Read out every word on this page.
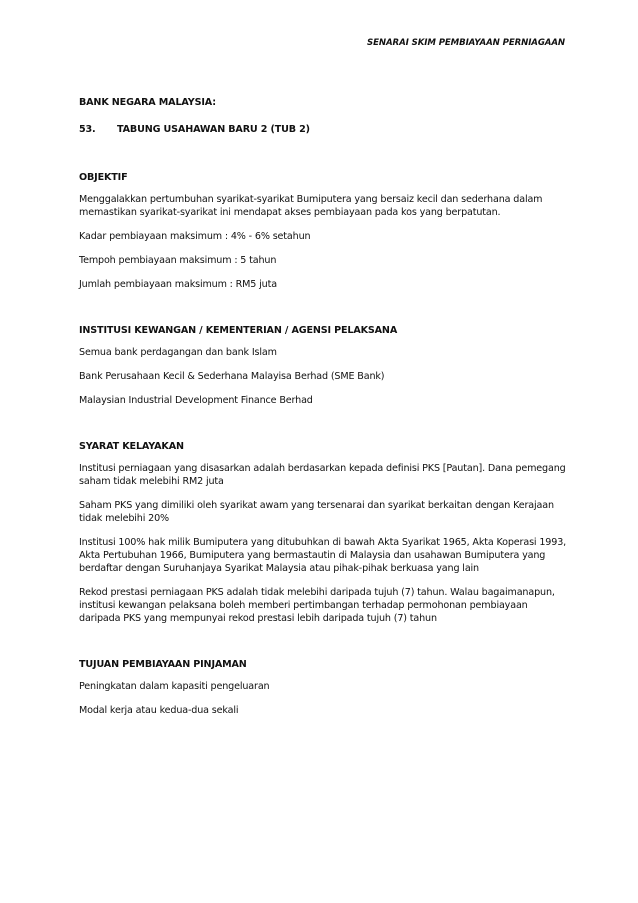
SENARAI SKIM PEMBIAYAAN PERNIAGAAN

BANK NEGARA MALAYSIA:

53.	TABUNG USAHAWAN BARU 2 (TUB 2)

OBJEKTIF

Menggalakkan pertumbuhan syarikat-syarikat Bumiputera yang bersaiz kecil dan sederhana dalam memastikan syarikat-syarikat ini mendapat akses pembiayaan pada kos yang berpatutan.

Kadar pembiayaan maksimum : 4% - 6% setahun

Tempoh pembiayaan maksimum : 5 tahun

Jumlah pembiayaan maksimum : RM5 juta

INSTITUSI KEWANGAN / KEMENTERIAN / AGENSI PELAKSANA

Semua bank perdagangan dan bank Islam

Bank Perusahaan Kecil & Sederhana Malayisa Berhad (SME Bank)

Malaysian Industrial Development Finance Berhad

SYARAT KELAYAKAN

Institusi perniagaan yang disasarkan adalah berdasarkan kepada definisi PKS [Pautan]. Dana pemegang saham tidak melebihi RM2 juta

Saham PKS yang dimiliki oleh syarikat awam yang tersenarai dan syarikat berkaitan dengan Kerajaan tidak melebihi 20%

Institusi 100% hak milik Bumiputera yang ditubuhkan di bawah Akta Syarikat 1965, Akta Koperasi 1993, Akta Pertubuhan 1966, Bumiputera yang bermastautin di Malaysia dan usahawan Bumiputera yang berdaftar dengan Suruhanjaya Syarikat Malaysia atau pihak-pihak berkuasa yang lain

Rekod prestasi perniagaan PKS adalah tidak melebihi daripada tujuh (7) tahun. Walau bagaimanapun, institusi kewangan pelaksana boleh memberi pertimbangan terhadap permohonan pembiayaan daripada PKS yang mempunyai rekod prestasi lebih daripada tujuh (7) tahun

TUJUAN PEMBIAYAAN PINJAMAN

Peningkatan dalam kapasiti pengeluaran

Modal kerja atau kedua-dua sekali
